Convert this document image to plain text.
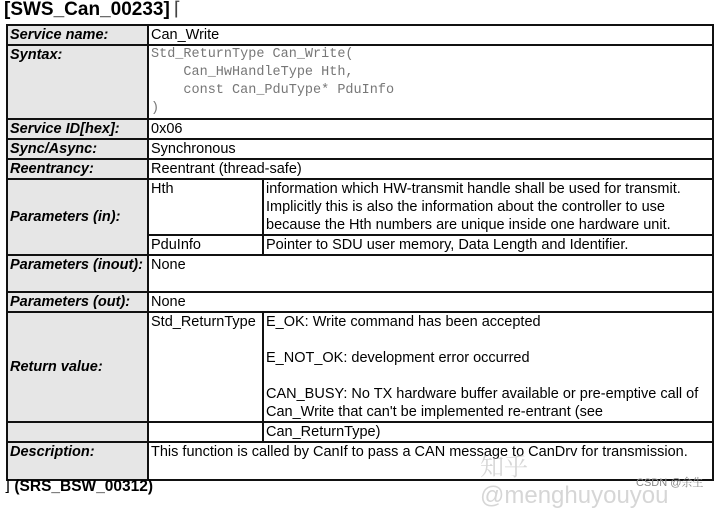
[SWS_Can_00233] ⌈
Service name:	Can_Write	
Syntax:	Std_ReturnType Can_Write(
Can_HwHandleType Hth,
const Can_PduType* PduInfo
)	

Service ID[hex]:	0x06	
Sync/Async:	Synchronous	
Reentrancy:	Reentrant (thread-safe)	
Parameters (in):	Hth	information which HW-transmit handle shall be used for transmit. Implicitly this is also the information about the controller to use because the Hth numbers are unique inside one hardware unit.
	PduInfo	Pointer to SDU user memory, Data Length and Identifier.
Parameters (inout):	None	
Parameters (out):	None	
Return value:	Std_ReturnType	E_OK: Write command has been accepted
E_NOT_OK: development error occurred
CAN_BUSY: No TX hardware buffer available or pre-emptive call of Can_Write that can't be implemented re-entrant (see

		Can_ReturnType)
Description:	This function is called by CanIf to pass a CAN message to CanDrv for transmission.	
⌋ (SRS_BSW_00312)
知乎 @menghuyouyou
CSDN @余生
